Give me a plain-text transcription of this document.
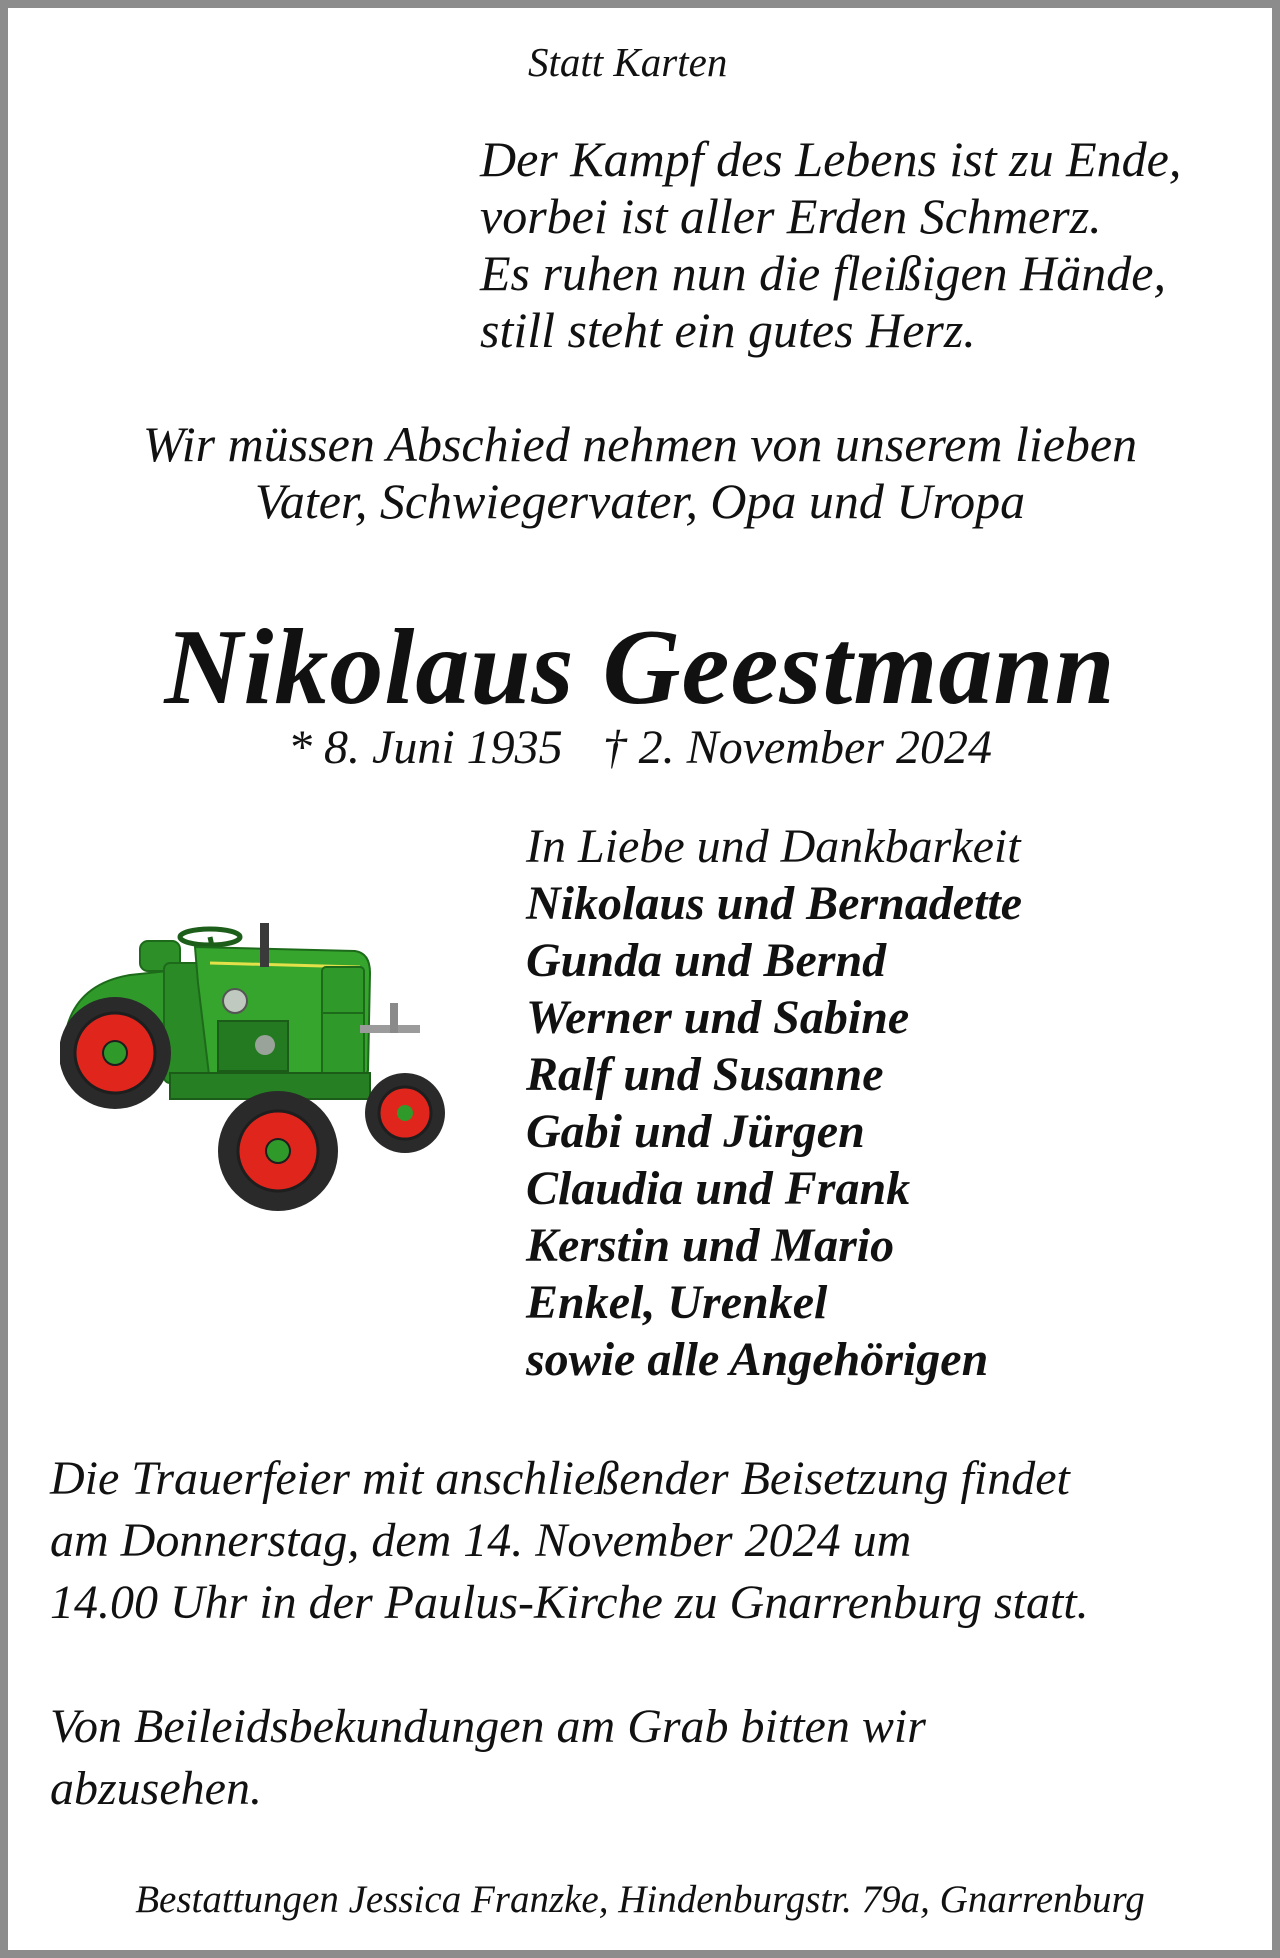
Statt Karten
Der Kampf des Lebens ist zu Ende,
vorbei ist aller Erden Schmerz.
Es ruhen nun die fleißigen Hände,
still steht ein gutes Herz.
Wir müssen Abschied nehmen von unserem lieben
Vater, Schwiegervater, Opa und Uropa
Nikolaus Geestmann
* 8. Juni 1935 † 2. November 2024
In Liebe und Dankbarkeit
Nikolaus und Bernadette
Gunda und Bernd
Werner und Sabine
Ralf und Susanne
Gabi und Jürgen
Claudia und Frank
Kerstin und Mario
Enkel, Urenkel
sowie alle Angehörigen
Die Trauerfeier mit anschließender Beisetzung findet
am Donnerstag, dem 14. November 2024 um
14.00 Uhr in der Paulus-Kirche zu Gnarrenburg statt.
Von Beileidsbekundungen am Grab bitten wir
abzusehen.
Bestattungen Jessica Franzke, Hindenburgstr. 79a, Gnarrenburg
